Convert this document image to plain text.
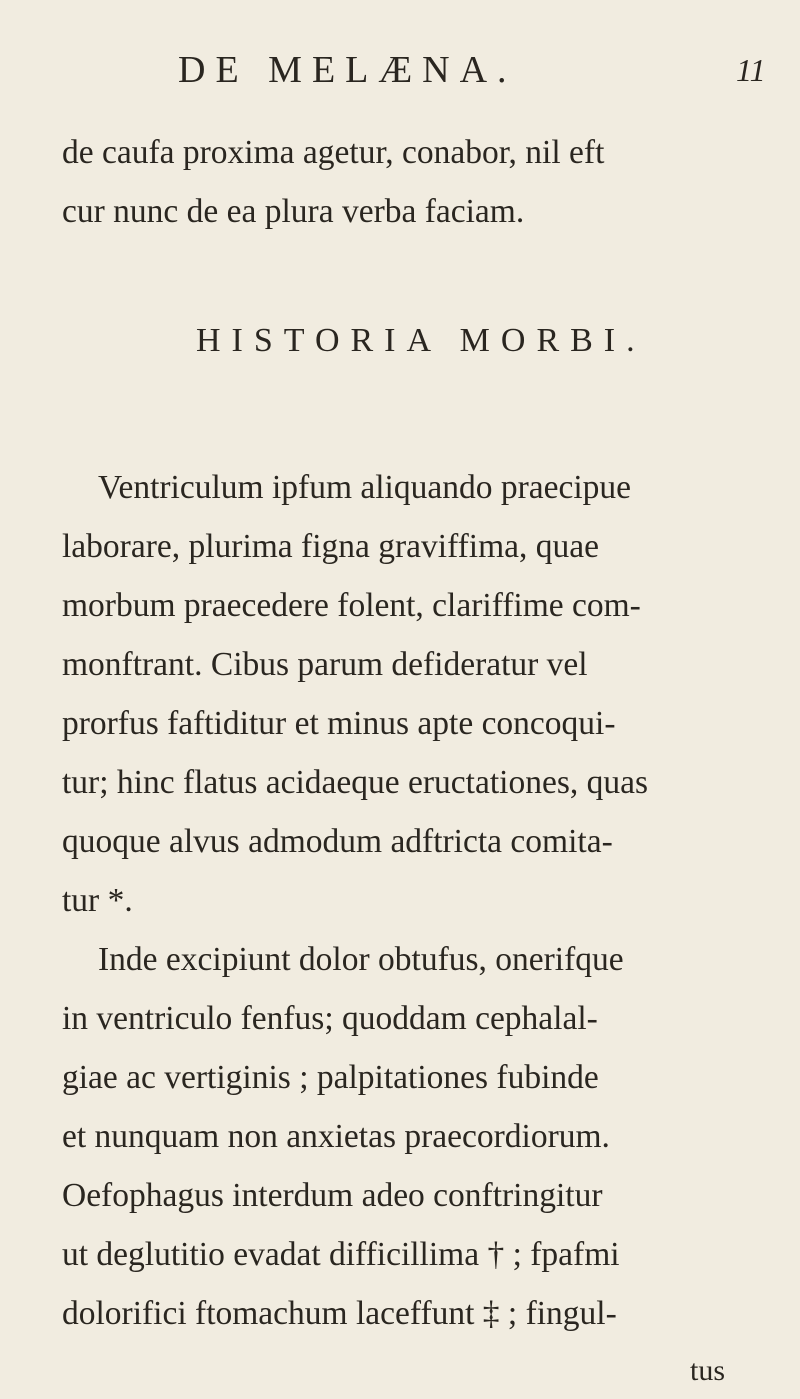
DE MELÆNA.	11
de caufa proxima agetur, conabor, nil eft
cur nunc de ea plura verba faciam.
HISTORIA MORBI.
Ventriculum ipfum aliquando praecipue
laborare, plurima figna graviffima, quae
morbum praecedere folent, clariffime com-
monftrant. Cibus parum defideratur vel
prorfus faftiditur et minus apte concoqui-
tur; hinc flatus acidaeque eructationes, quas
quoque alvus admodum adftricta comita-
tur *.
Inde excipiunt dolor obtufus, onerifque
in ventriculo fenfus; quoddam cephalal-
giae ac vertiginis ; palpitationes fubinde
et nunquam non anxietas praecordiorum.
Oefophagus interdum adeo conftringitur
ut deglutitio evadat difficillima † ; fpafmi
dolorifici ftomachum laceffunt ‡ ; fingul-
tus
